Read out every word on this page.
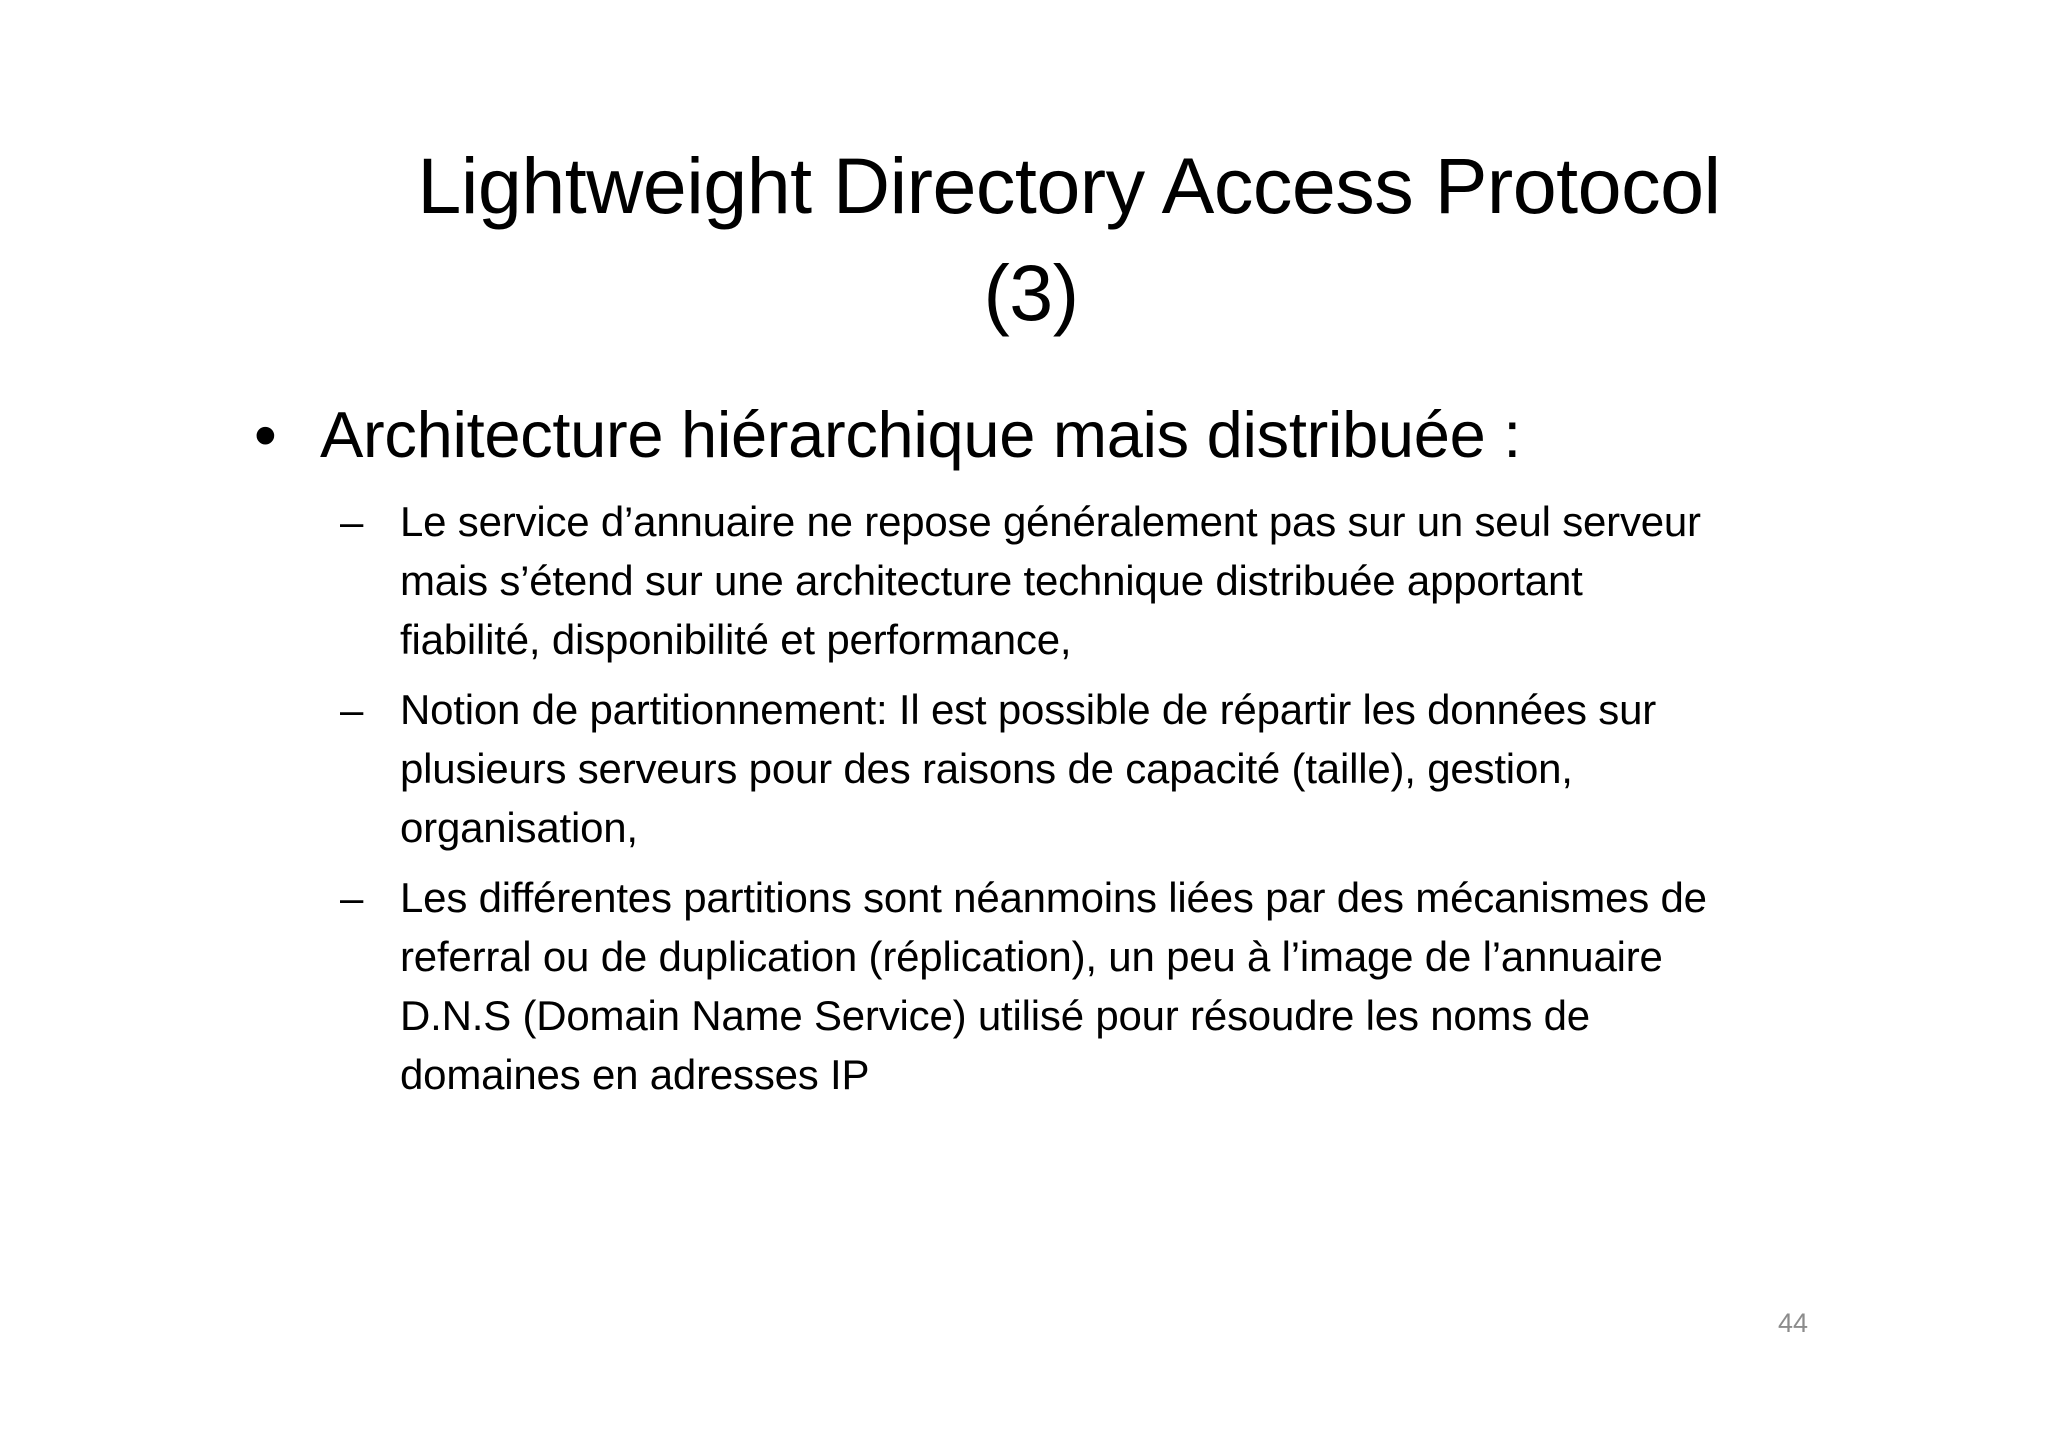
Lightweight Directory Access Protocol
(3)
• Architecture hiérarchique mais distribuée :
– Le service d’annuaire ne repose généralement pas sur un seul serveur
mais s’étend sur une architecture technique distribuée apportant
fiabilité, disponibilité et performance,
– Notion de partitionnement: Il est possible de répartir les données sur
plusieurs serveurs pour des raisons de capacité (taille), gestion,
organisation,
– Les différentes partitions sont néanmoins liées par des mécanismes de
referral ou de duplication (réplication), un peu à l’image de l’annuaire
D.N.S (Domain Name Service) utilisé pour résoudre les noms de
domaines en adresses IP
44
